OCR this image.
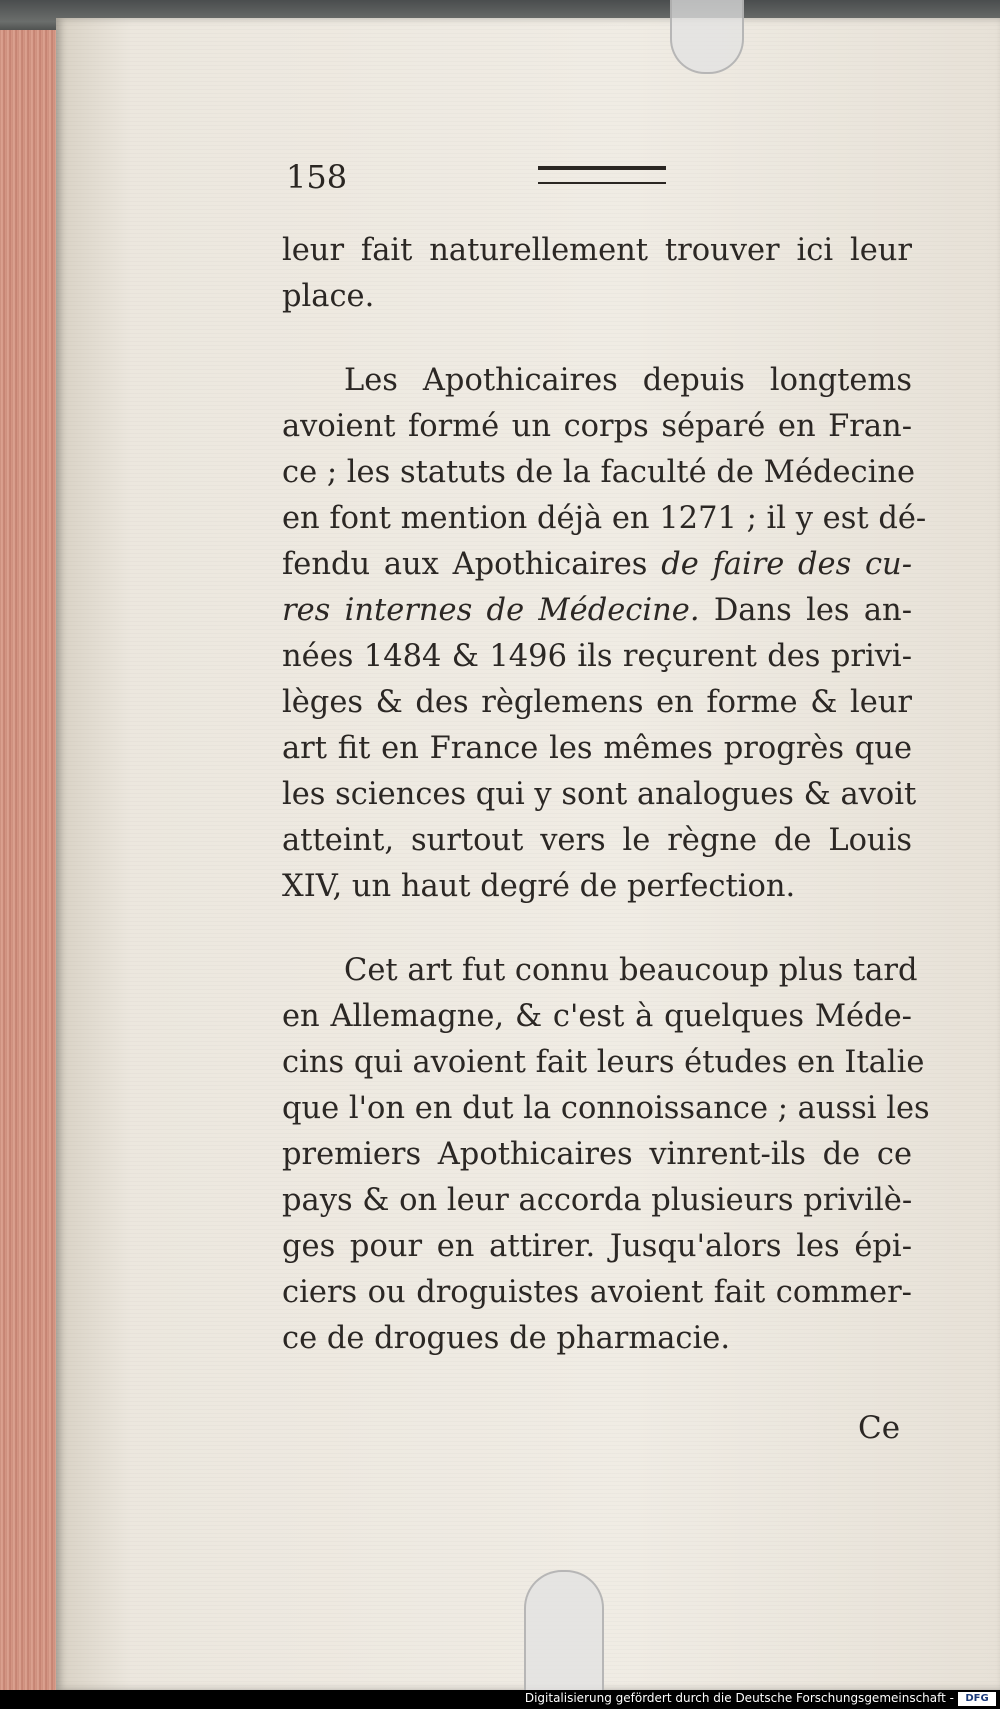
158
leur fait naturellement trouver ici leur
place.
Les Apothicaires depuis longtems
avoient formé un corps séparé en Fran-
ce ; les statuts de la faculté de Médecine
en font mention déjà en 1271 ; il y est dé-
fendu aux Apothicaires de faire des cu-
res internes de Médecine. Dans les an-
nées 1484 & 1496 ils reçurent des privi-
lèges & des règlemens en forme & leur
art fit en France les mêmes progrès que
les sciences qui y sont analogues & avoit
atteint, surtout vers le règne de Louis
XIV, un haut degré de perfection.
Cet art fut connu beaucoup plus tard
en Allemagne, & c'est à quelques Méde-
cins qui avoient fait leurs études en Italie
que l'on en dut la connoissance ; aussi les
premiers Apothicaires vinrent-ils de ce
pays & on leur accorda plusieurs privilè-
ges pour en attirer. Jusqu'alors les épi-
ciers ou droguistes avoient fait commer-
ce de drogues de pharmacie.
Ce
Digitalisierung gefördert durch die Deutsche Forschungsgemeinschaft -	DFG
